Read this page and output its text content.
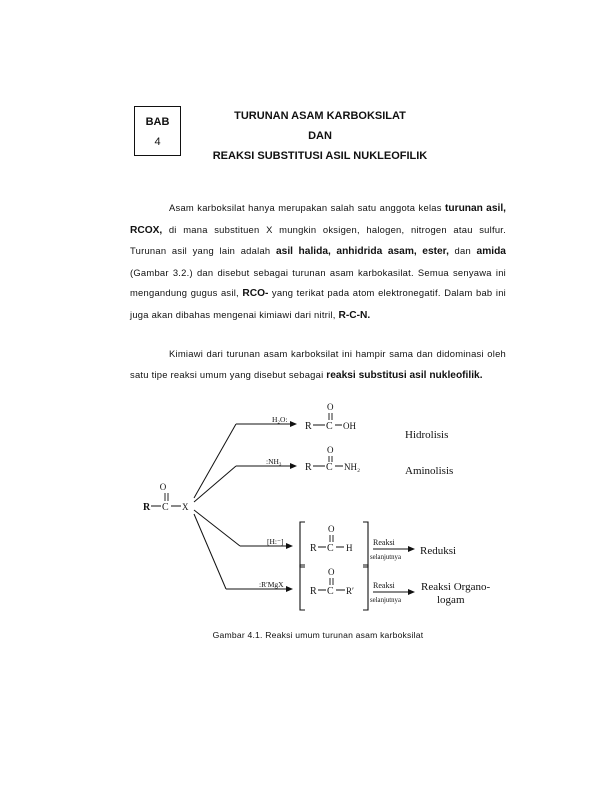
BAB
4
TURUNAN ASAM KARBOKSILAT
DAN
REAKSI SUBSTITUSI ASIL NUKLEOFILIK
Asam karboksilat hanya merupakan salah satu anggota kelas turunan asil, RCOX, di mana substituen X mungkin oksigen, halogen, nitrogen atau sulfur. Turunan asil yang lain adalah asil halida, anhidrida asam, ester, dan amida (Gambar 3.2.) dan disebut sebagai turunan asam karbokasilat. Semua senyawa ini mengandung gugus asil, RCO- yang terikat pada atom elektronegatif. Dalam bab ini juga akan dibahas mengenai kimiawi dari nitril, R-C-N.
Kimiawi dari turunan asam karboksilat ini hampir sama dan didominasi oleh satu tipe reaksi umum yang disebut sebagai reaksi substitusi asil nukleofilik.
O
R C X
H₂O:
:NH₃
[H:⁻]
:R′MgX
O
R C OH
O
R C NH₂
O
R C H
Reaksi
selanjutnya
O
R C R′
Reaksi
selanjutnya
Hidrolisis
Aminolisis
Reduksi
Reaksi Organo-
logam
Gambar 4.1. Reaksi umum turunan asam karboksilat
